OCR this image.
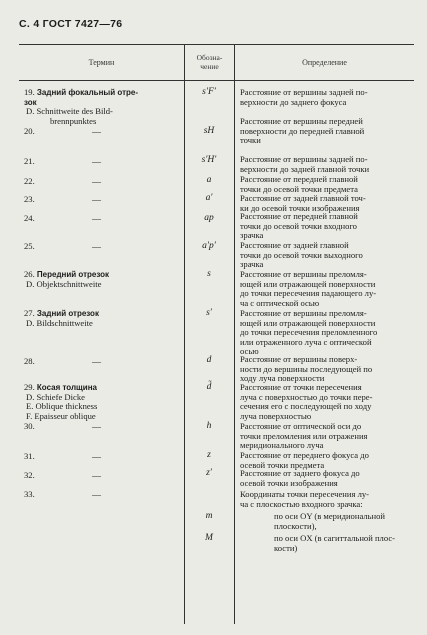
С. 4 ГОСТ 7427—76
Термин
Обозна-
чение	Определение
19. Задний фокальный отре-
зок
D. Schnittweite des Bild-
brennpunktes
s′F′	Расстояние от вершины задней по-
верхности до заднего фокуса
20.	—	sH
Расстояние от вершины передней
поверхности до передней главной
точки
21.	—	s′H′	Расстояние от вершины задней по-
верхности до задней главной точки
22.	—	a	Расстояние от передней главной
точки до осевой точки предмета
23.	—	a′	Расстояние от задней главной точ-
ки до осевой точки изображения
24.	—	ap	Расстояние от передней главной
точки до осевой точки входного
зрачка
25.	—	a′p′	Расстояние от задней главной
точки до осевой точки выходного
зрачка
26. Передний отрезок
D. Objektschnittweite
s	Расстояние от вершины преломля-
ющей или отражающей поверхности
до точки пересечения падающего лу-
ча с оптической осью
27. Задний отрезок
D. Bildschnittweite
s′	Расстояние от вершины преломля-
ющей или отражающей поверхности
до точки пересечения преломленного
или отраженного луча с оптической
осью
28.	—	d	Расстояние от вершины поверх-
ности до вершины последующей по
ходу луча поверхности
29. Косая толщина
D. Schiefe Dicke
E. Oblique thickness
F. Epaisseur oblique
d̃	Расстояние от точки пересечения
луча с поверхностью до точки пере-
сечения его с последующей по ходу
луча поверхностью
30.	—	h	Расстояние от оптической оси до
точки преломления или отражения
меридионального луча
31.	—	z	Расстояние от переднего фокуса до
осевой точки предмета
32.	—	z′	Расстояние от заднего фокуса до
осевой точки изображения
33.	—	Координаты точки пересечения лу-
ча с плоскостью входного зрачка:
m	по оси OY (в меридиональной
плоскости),
M	по оси OX (в сагиттальной плос-
кости)
